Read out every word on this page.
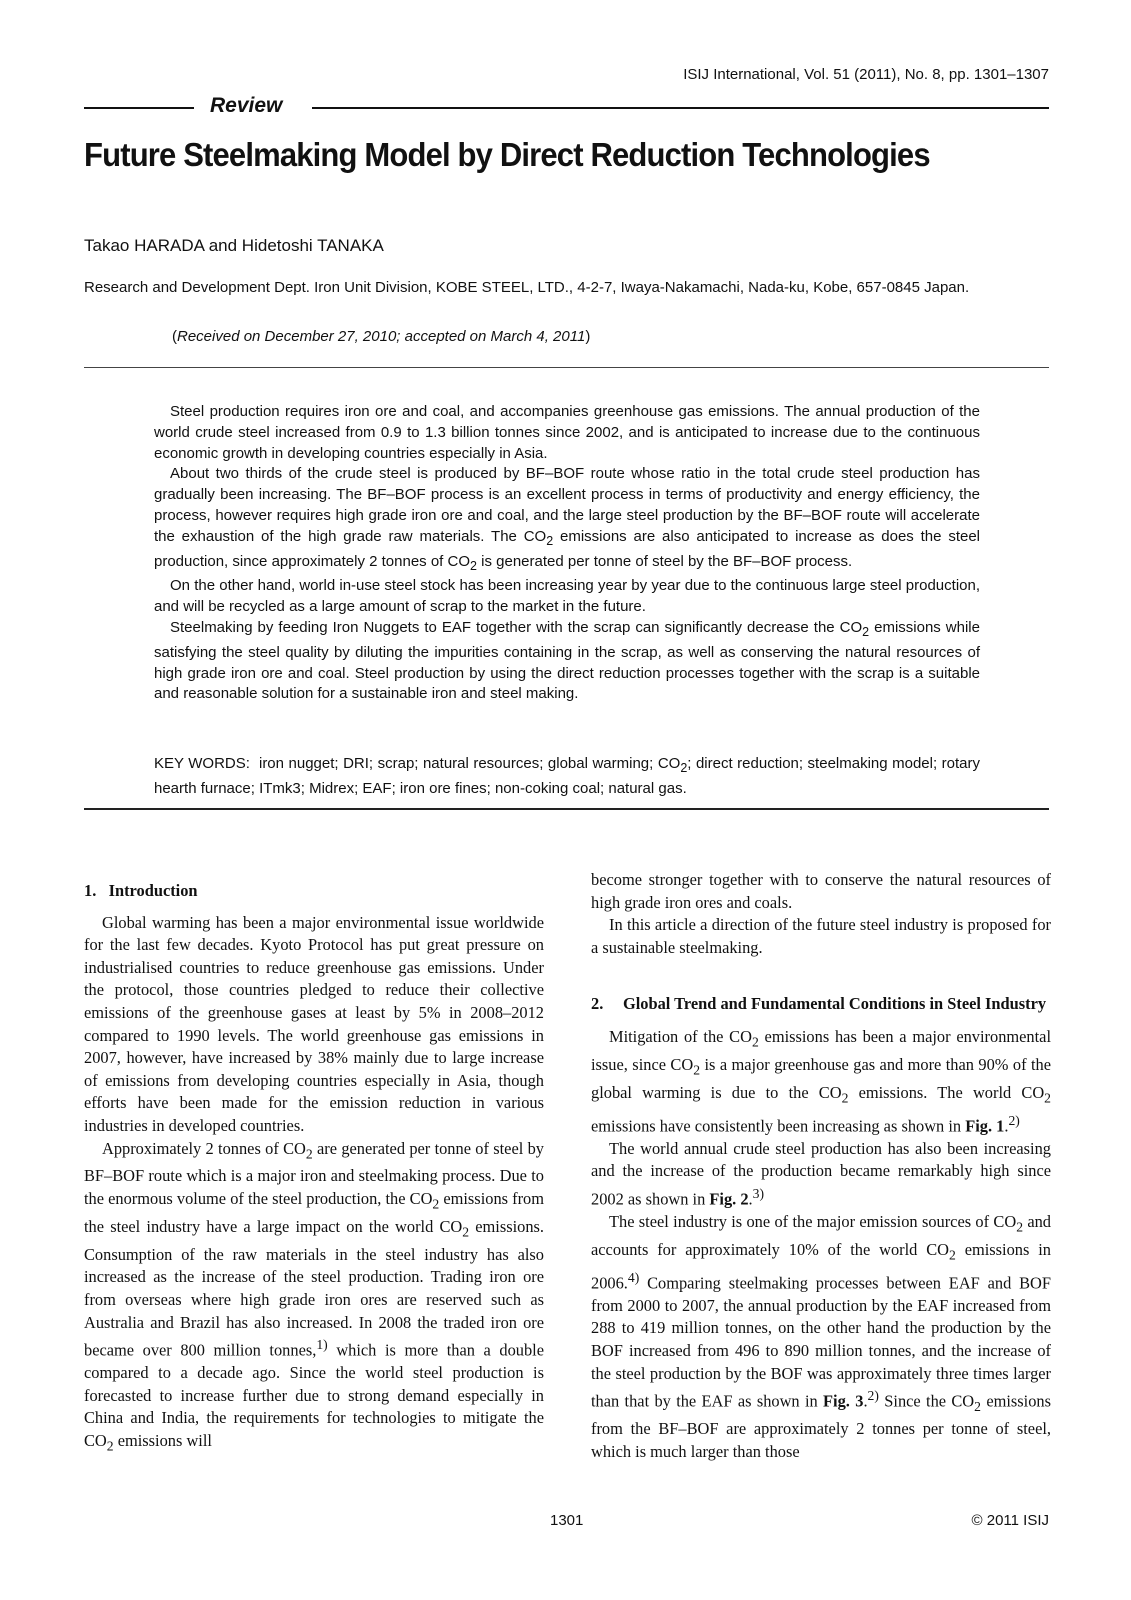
ISIJ International, Vol. 51 (2011), No. 8, pp. 1301–1307
Review
Future Steelmaking Model by Direct Reduction Technologies
Takao HARADA and Hidetoshi TANAKA
Research and Development Dept. Iron Unit Division, KOBE STEEL, LTD., 4-2-7, Iwaya-Nakamachi, Nada-ku, Kobe, 657-0845 Japan.
(Received on December 27, 2010; accepted on March 4, 2011)

Steel production requires iron ore and coal, and accompanies greenhouse gas emissions. The annual production of the world crude steel increased from 0.9 to 1.3 billion tonnes since 2002, and is anticipated to increase due to the continuous economic growth in developing countries especially in Asia.

About two thirds of the crude steel is produced by BF–BOF route whose ratio in the total crude steel production has gradually been increasing. The BF–BOF process is an excellent process in terms of productivity and energy efficiency, the process, however requires high grade iron ore and coal, and the large steel production by the BF–BOF route will accelerate the exhaustion of the high grade raw materials. The $CO_2$ emissions are also anticipated to increase as does the steel production, since approximately 2 tonnes of $CO_2$ is generated per tonne of steel by the BF–BOF process.

On the other hand, world in-use steel stock has been increasing year by year due to the continuous large steel production, and will be recycled as a large amount of scrap to the market in the future.

Steelmaking by feeding Iron Nuggets to EAF together with the scrap can significantly decrease the $CO_2$ emissions while satisfying the steel quality by diluting the impurities containing in the scrap, as well as conserving the natural resources of high grade iron ore and coal. Steel production by using the direct reduction processes together with the scrap is a suitable and reasonable solution for a sustainable iron and steel making.

KEY WORDS: iron nugget; DRI; scrap; natural resources; global warming; $CO_2$; direct reduction; steelmaking model; rotary hearth furnace; ITmk3; Midrex; EAF; iron ore fines; non-coking coal; natural gas.
1. Introduction

Global warming has been a major environmental issue worldwide for the last few decades. Kyoto Protocol has put great pressure on industrialised countries to reduce greenhouse gas emissions. Under the protocol, those countries pledged to reduce their collective emissions of the greenhouse gases at least by 5% in 2008–2012 compared to 1990 levels. The world greenhouse gas emissions in 2007, however, have increased by 38% mainly due to large increase of emissions from developing countries especially in Asia, though efforts have been made for the emission reduction in various industries in developed countries.

Approximately 2 tonnes of $CO_2$ are generated per tonne of steel by BF–BOF route which is a major iron and steelmaking process. Due to the enormous volume of the steel production, the $CO_2$ emissions from the steel industry have a large impact on the world $CO_2$ emissions. Consumption of the raw materials in the steel industry has also increased as the increase of the steel production. Trading iron ore from overseas where high grade iron ores are reserved such as Australia and Brazil has also increased. In 2008 the traded iron ore became over 800 million tonnes,$^{1)}$ which is more than a double compared to a decade ago. Since the world steel production is forecasted to increase further due to strong demand especially in China and India, the requirements for technologies to mitigate the $CO_2$ emissions will

become stronger together with to conserve the natural resources of high grade iron ores and coals.

In this article a direction of the future steel industry is proposed for a sustainable steelmaking.

2.	Global Trend and Fundamental Conditions in Steel Industry

Mitigation of the $CO_2$ emissions has been a major environmental issue, since $CO_2$ is a major greenhouse gas and more than 90% of the global warming is due to the $CO_2$ emissions. The world $CO_2$ emissions have consistently been increasing as shown in Fig. 1.$^{2)}$

The world annual crude steel production has also been increasing and the increase of the production became remarkably high since 2002 as shown in Fig. 2.$^{3)}$

The steel industry is one of the major emission sources of $CO_2$ and accounts for approximately 10% of the world $CO_2$ emissions in 2006.$^{4)}$ Comparing steelmaking processes between EAF and BOF from 2000 to 2007, the annual production by the EAF increased from 288 to 419 million tonnes, on the other hand the production by the BOF increased from 496 to 890 million tonnes, and the increase of the steel production by the BOF was approximately three times larger than that by the EAF as shown in Fig. 3.$^{2)}$ Since the $CO_2$ emissions from the BF–BOF are approximately 2 tonnes per tonne of steel, which is much larger than those

1301	© 2011 ISIJ
